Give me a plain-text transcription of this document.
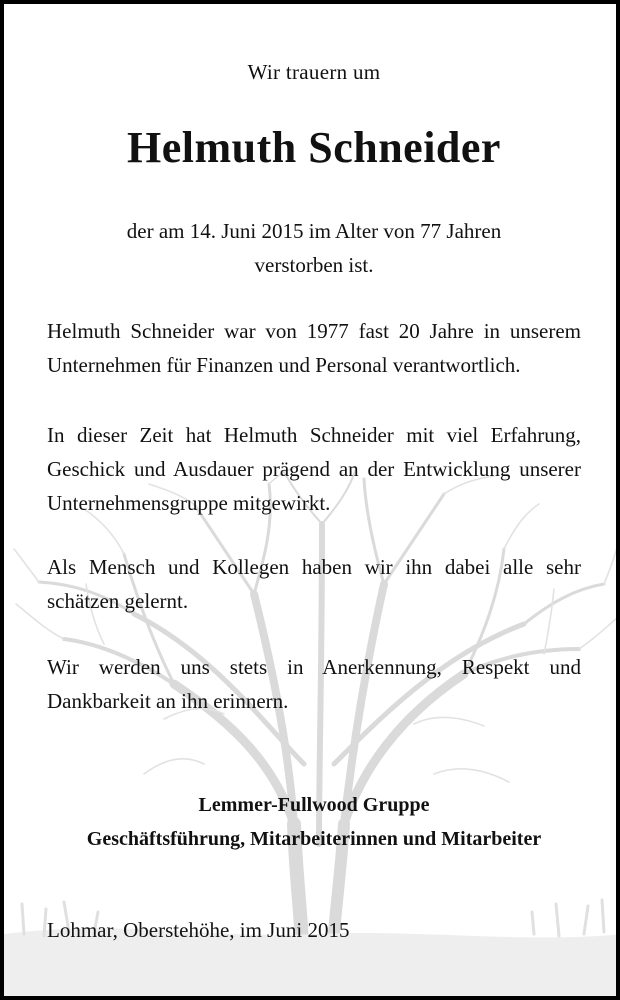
Wir trauern um
Helmuth Schneider
der am 14. Juni 2015 im Alter von 77 Jahren
verstorben ist.
Helmuth Schneider war von 1977 fast 20 Jahre in unserem Unternehmen für Finanzen und Personal verantwortlich.
In dieser Zeit hat Helmuth Schneider mit viel Erfahrung, Geschick und Ausdauer prägend an der Entwicklung unserer Unternehmensgruppe mitgewirkt.
Als Mensch und Kollegen haben wir ihn dabei alle sehr schätzen gelernt.
Wir werden uns stets in Anerkennung, Respekt und Dankbarkeit an ihn erinnern.
Lemmer-Fullwood Gruppe
Geschäftsführung, Mitarbeiterinnen und Mitarbeiter
Lohmar, Oberstehöhe, im Juni 2015
